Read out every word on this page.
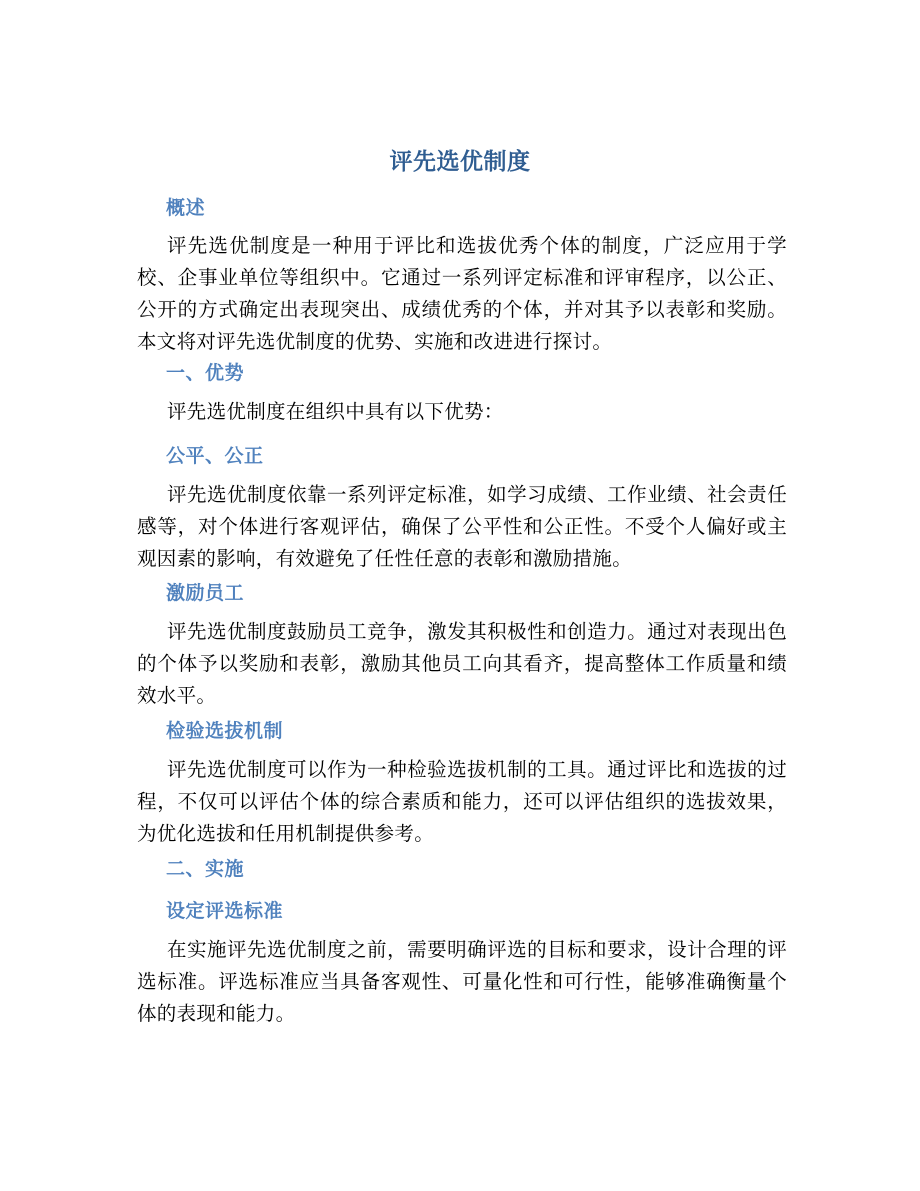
评先选优制度
概述
评先选优制度是一种用于评比和选拔优秀个体的制度，广泛应用于学校、企事业单位等组织中。它通过一系列评定标准和评审程序，以公正、公开的方式确定出表现突出、成绩优秀的个体，并对其予以表彰和奖励。本文将对评先选优制度的优势、实施和改进进行探讨。
一、优势
评先选优制度在组织中具有以下优势：
公平、公正
评先选优制度依靠一系列评定标准，如学习成绩、工作业绩、社会责任感等，对个体进行客观评估，确保了公平性和公正性。不受个人偏好或主观因素的影响，有效避免了任性任意的表彰和激励措施。
激励员工
评先选优制度鼓励员工竞争，激发其积极性和创造力。通过对表现出色的个体予以奖励和表彰，激励其他员工向其看齐，提高整体工作质量和绩效水平。
检验选拔机制
评先选优制度可以作为一种检验选拔机制的工具。通过评比和选拔的过程，不仅可以评估个体的综合素质和能力，还可以评估组织的选拔效果，为优化选拔和任用机制提供参考。
二、实施
设定评选标准
在实施评先选优制度之前，需要明确评选的目标和要求，设计合理的评选标准。评选标准应当具备客观性、可量化性和可行性，能够准确衡量个体的表现和能力。
